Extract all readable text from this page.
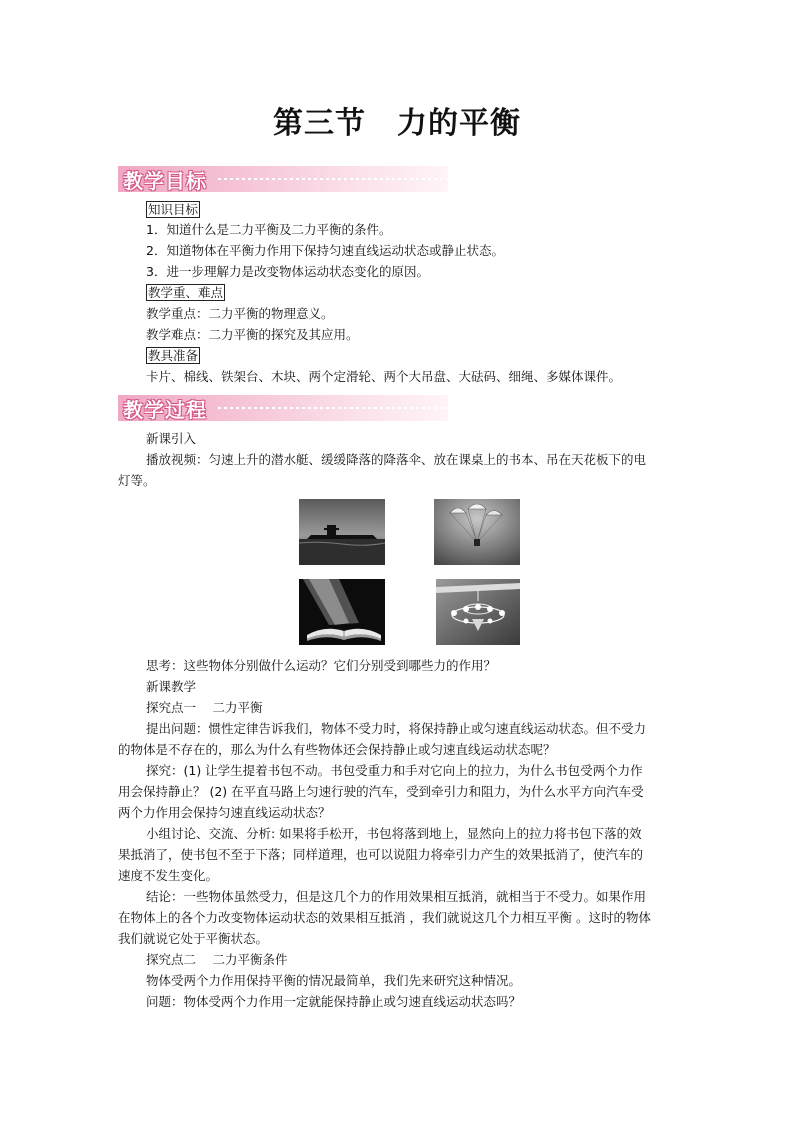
第三节　力的平衡
教学目标
知识目标
1．知道什么是二力平衡及二力平衡的条件。
2．知道物体在平衡力作用下保持匀速直线运动状态或静止状态。
3．进一步理解力是改变物体运动状态变化的原因。
教学重、难点
教学重点：二力平衡的物理意义。
教学难点：二力平衡的探究及其应用。
教具准备
卡片、棉线、铁架台、木块、两个定滑轮、两个大吊盘、大砝码、细绳、多媒体课件。
教学过程
新课引入
播放视频：匀速上升的潜水艇、缓缓降落的降落伞、放在课桌上的书本、吊在天花板下的电
灯等。
思考：这些物体分别做什么运动？它们分别受到哪些力的作用？
新课教学
探究点一　 二力平衡
提出问题：惯性定律告诉我们，物体不受力时，将保持静止或匀速直线运动状态。但不受力
的物体是不存在的，那么为什么有些物体还会保持静止或匀速直线运动状态呢？
探究：(1) 让学生提着书包不动。书包受重力和手对它向上的拉力，为什么书包受两个力作
用会保持静止？ (2) 在平直马路上匀速行驶的汽车，受到牵引力和阻力，为什么水平方向汽车受
两个力作用会保持匀速直线运动状态？
小组讨论、交流、分析: 如果将手松开，书包将落到地上，显然向上的拉力将书包下落的效
果抵消了，使书包不至于下落；同样道理，也可以说阻力将牵引力产生的效果抵消了，使汽车的
速度不发生变化。
结论：一些物体虽然受力，但是这几个力的作用效果相互抵消，就相当于不受力。如果作用
在物体上的各个力改变物体运动状态的效果相互抵消 ，我们就说这几个力相互平衡 。这时的物体
我们就说它处于平衡状态。
探究点二　 二力平衡条件
物体受两个力作用保持平衡的情况最简单，我们先来研究这种情况。
问题：物体受两个力作用一定就能保持静止或匀速直线运动状态吗？
